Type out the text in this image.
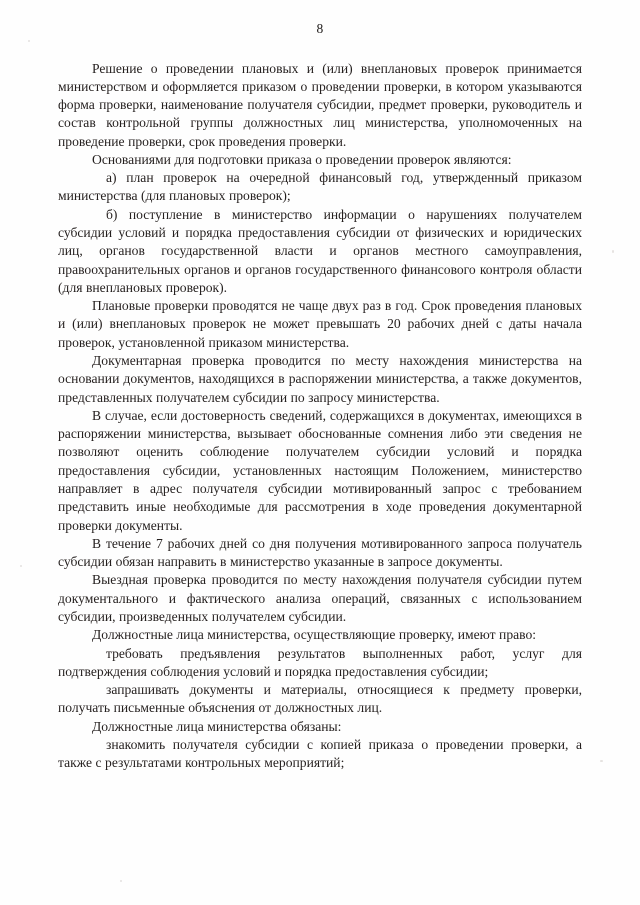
8

Решение о проведении плановых и (или) внеплановых проверок принимается министерством и оформляется приказом о проведении проверки, в котором указываются форма проверки, наименование получателя субсидии, предмет проверки, руководитель и состав контрольной группы должностных лиц министерства, уполномоченных на проведение проверки, срок проведения проверки.

Основаниями для подготовки приказа о проведении проверок являются:

а) план проверок на очередной финансовый год, утвержденный приказом министерства (для плановых проверок);

б) поступление в министерство информации о нарушениях получателем субсидии условий и порядка предоставления субсидии от физических и юридических лиц, органов государственной власти и органов местного самоуправления, правоохранительных органов и органов государственного финансового контроля области (для внеплановых проверок).

Плановые проверки проводятся не чаще двух раз в год. Срок проведения плановых и (или) внеплановых проверок не может превышать 20 рабочих дней с даты начала проверок, установленной приказом министерства.

Документарная проверка проводится по месту нахождения министерства на основании документов, находящихся в распоряжении министерства, а также документов, представленных получателем субсидии по запросу министерства.

В случае, если достоверность сведений, содержащихся в документах, имеющихся в распоряжении министерства, вызывает обоснованные сомнения либо эти сведения не позволяют оценить соблюдение получателем субсидии условий и порядка предоставления субсидии, установленных настоящим Положением, министерство направляет в адрес получателя субсидии мотивированный запрос с требованием представить иные необходимые для рассмотрения в ходе проведения документарной проверки документы.

В течение 7 рабочих дней со дня получения мотивированного запроса получатель субсидии обязан направить в министерство указанные в запросе документы.

Выездная проверка проводится по месту нахождения получателя субсидии путем документального и фактического анализа операций, связанных с использованием субсидии, произведенных получателем субсидии.

Должностные лица министерства, осуществляющие проверку, имеют право:

требовать предъявления результатов выполненных работ, услуг для подтверждения соблюдения условий и порядка предоставления субсидии;

запрашивать документы и материалы, относящиеся к предмету проверки, получать письменные объяснения от должностных лиц.

Должностные лица министерства обязаны:

знакомить получателя субсидии с копией приказа о проведении проверки, а также с результатами контрольных мероприятий;
